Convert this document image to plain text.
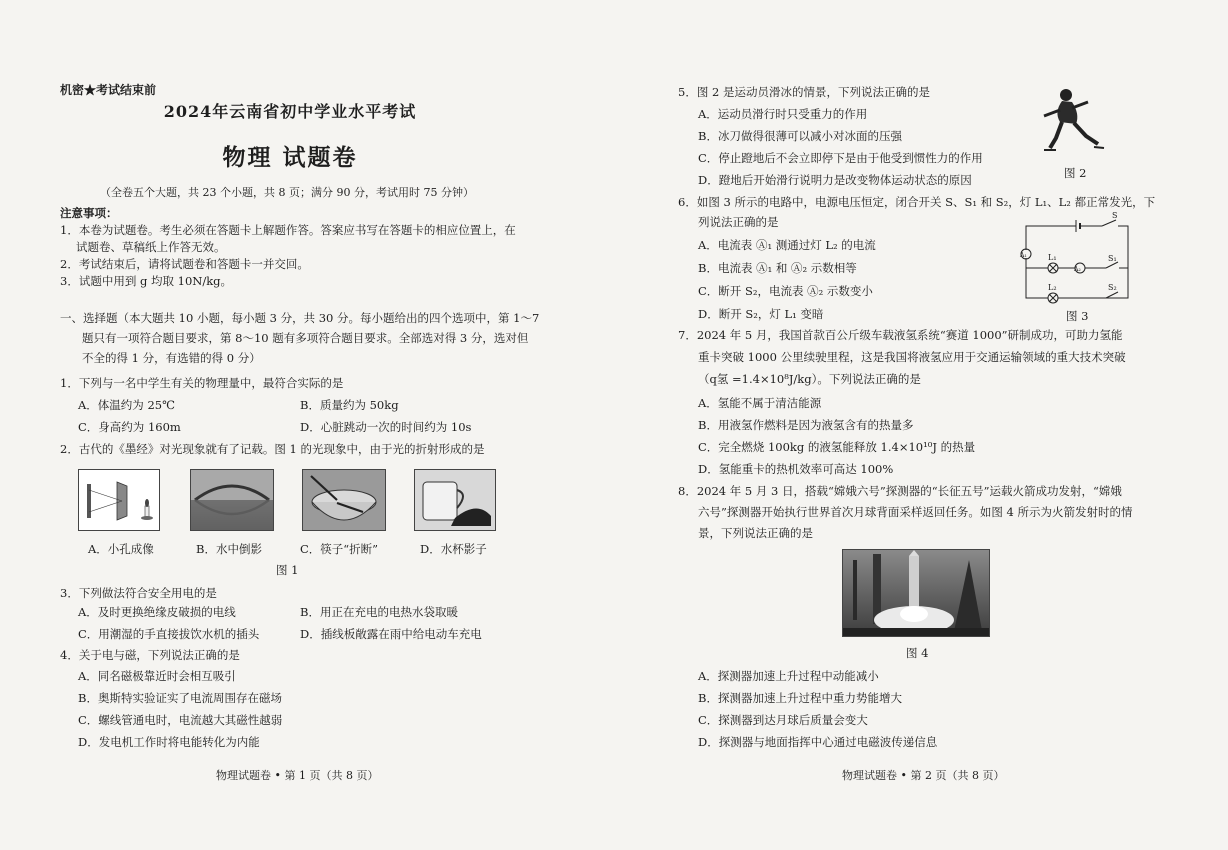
机密★考试结束前
2024年云南省初中学业水平考试
物理 试题卷
（全卷五个大题，共 23 个小题，共 8 页；满分 90 分，考试用时 75 分钟）
注意事项：
1．本卷为试题卷。考生必须在答题卡上解题作答。答案应书写在答题卡的相应位置上，在
试题卷、草稿纸上作答无效。
2．考试结束后，请将试题卷和答题卡一并交回。
3．试题中用到 g 均取 10N/kg。
一、选择题（本大题共 10 小题，每小题 3 分，共 30 分。每小题给出的四个选项中，第 1～7
题只有一项符合题目要求，第 8～10 题有多项符合题目要求。全部选对得 3 分，选对但
不全的得 1 分，有选错的得 0 分）
1．下列与一名中学生有关的物理量中，最符合实际的是
A．体温约为 25℃	B．质量约为 50kg
C．身高约为 160m	D．心脏跳动一次的时间约为 10s
2．古代的《墨经》对光现象就有了记载。图 1 的光现象中，由于光的折射形成的是
A．小孔成像	B．水中倒影	C．筷子“折断”	D．水杯影子
图 1
3．下列做法符合安全用电的是
A．及时更换绝缘皮破损的电线	B．用正在充电的电热水袋取暖
C．用潮湿的手直接拔饮水机的插头	D．插线板敞露在雨中给电动车充电
4．关于电与磁，下列说法正确的是
A．同名磁极靠近时会相互吸引
B．奥斯特实验证实了电流周围存在磁场
C．螺线管通电时，电流越大其磁性越弱
D．发电机工作时将电能转化为内能
物理试题卷 • 第 1 页（共 8 页）
5．图 2 是运动员滑冰的情景，下列说法正确的是
A．运动员滑行时只受重力的作用
B．冰刀做得很薄可以减小对冰面的压强
C．停止蹬地后不会立即停下是由于他受到惯性力的作用
D．蹬地后开始滑行说明力是改变物体运动状态的原因	图 2
6．如图 3 所示的电路中，电源电压恒定，闭合开关 S、S₁ 和 S₂，灯 L₁、L₂ 都正常发光，下
列说法正确的是
A．电流表 Ⓐ₁ 测通过灯 L₂ 的电流
B．电流表 Ⓐ₁ 和 Ⓐ₂ 示数相等
C．断开 S₂，电流表 Ⓐ₂ 示数变小
D．断开 S₂，灯 L₁ 变暗
S
S₁
S₂
L₁
L₂
A₁
A₂
图 3
7．2024 年 5 月，我国首款百公斤级车载液氢系统“赛道 1000”研制成功，可助力氢能
重卡突破 1000 公里续驶里程，这是我国将液氢应用于交通运输领域的重大技术突破
（q氢 =1.4×10⁸J/kg）。下列说法正确的是
A．氢能不属于清洁能源
B．用液氢作燃料是因为液氢含有的热量多
C．完全燃烧 100kg 的液氢能释放 1.4×10¹⁰J 的热量
D．氢能重卡的热机效率可高达 100%
8．2024 年 5 月 3 日，搭载“嫦娥六号”探测器的“长征五号”运载火箭成功发射，“嫦娥
六号”探测器开始执行世界首次月球背面采样返回任务。如图 4 所示为火箭发射时的情
景，下列说法正确的是
图 4
A．探测器加速上升过程中动能减小
B．探测器加速上升过程中重力势能增大
C．探测器到达月球后质量会变大
D．探测器与地面指挥中心通过电磁波传递信息
物理试题卷 • 第 2 页（共 8 页）
